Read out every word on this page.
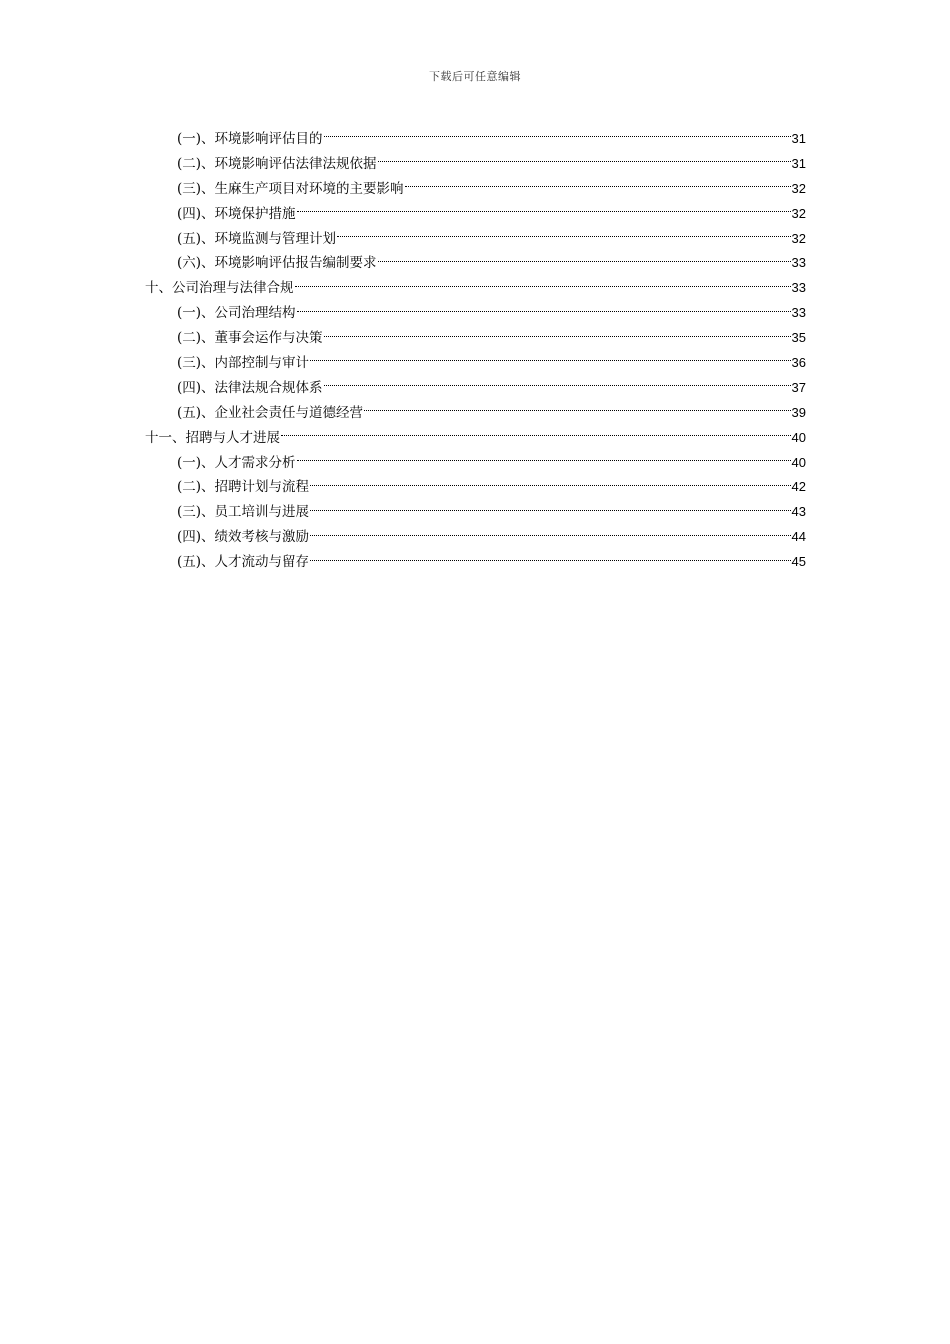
下载后可任意编辑
(一)、环境影响评估目的	31
(二)、环境影响评估法律法规依据	31
(三)、生麻生产项目对环境的主要影响	32
(四)、环境保护措施	32
(五)、环境监测与管理计划	32
(六)、环境影响评估报告编制要求	33
十、公司治理与法律合规	33
(一)、公司治理结构	33
(二)、董事会运作与决策	35
(三)、内部控制与审计	36
(四)、法律法规合规体系	37
(五)、企业社会责任与道德经营	39
十一、招聘与人才进展	40
(一)、人才需求分析	40
(二)、招聘计划与流程	42
(三)、员工培训与进展	43
(四)、绩效考核与激励	44
(五)、人才流动与留存	45
